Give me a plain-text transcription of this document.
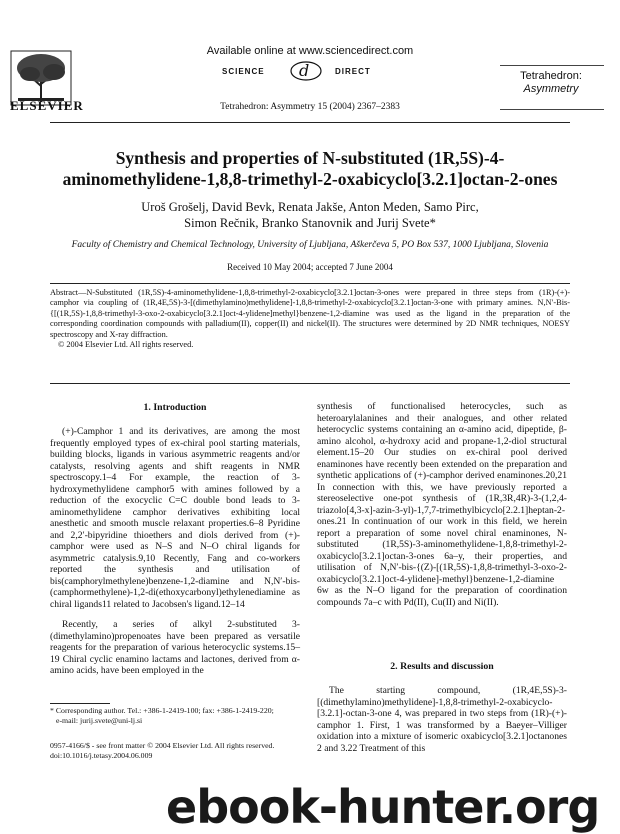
ELSEVIER
Available online at www.sciencedirect.com
SCIENCE d	DIRECT
Tetrahedron: Asymmetry 15 (2004) 2367–2383
Tetrahedron:
Asymmetry
Synthesis and properties of N-substituted (1R,5S)-4-
aminomethylidene-1,8,8-trimethyl-2-oxabicyclo[3.2.1]octan-2-ones
Uroš Grošelj, David Bevk, Renata Jakše, Anton Meden, Samo Pirc,
Simon Rečnik, Branko Stanovnik and Jurij Svete*
Faculty of Chemistry and Chemical Technology, University of Ljubljana, Aškerčeva 5, PO Box 537, 1000 Ljubljana, Slovenia
Received 10 May 2004; accepted 7 June 2004
Abstract—N-Substituted (1R,5S)-4-aminomethylidene-1,8,8-trimethyl-2-oxabicyclo[3.2.1]octan-3-ones were prepared in three steps from (1R)-(+)-camphor via coupling of (1R,4E,5S)-3-[(dimethylamino)methylidene]-1,8,8-trimethyl-2-oxabicyclo[3.2.1]octan-3-one with primary amines. N,N′-Bis-{[(1R,5S)-1,8,8-trimethyl-3-oxo-2-oxabicyclo[3.2.1]oct-4-ylidene]methyl}benzene-1,2-diamine was used as the ligand in the preparation of the corresponding coordination compounds with palladium(II), copper(II) and nickel(II). The structures were determined by 2D NMR techniques, NOESY spectroscopy and X-ray diffraction.
© 2004 Elsevier Ltd. All rights reserved.
1. Introduction

(+)-Camphor 1 and its derivatives, are among the most frequently employed types of ex-chiral pool starting materials, building blocks, ligands in various asymmetric reagents and/or catalysts, resolving agents and shift reagents in NMR spectroscopy.1–4 For example, the reaction of 3-hydroxymethylidene camphor5 with amines followed by a reduction of the exocyclic C=C double bond leads to 3-aminomethylidene camphor derivatives exhibiting local anesthetic and smooth muscle relaxant properties.6–8 Pyridine and 2,2′-bipyridine thioethers and diols derived from (+)-camphor were used as N–S and N–O chiral ligands for asymmetric catalysis.9,10 Recently, Fang and co-workers reported the synthesis and utilisation of bis(camphorylmethylene)benzene-1,2-diamine and N,N′-bis-(camphormethylene)-1,2-di(ethoxycarbonyl)ethylenediamine as chiral ligands11 related to Jacobsen's ligand.12–14

Recently, a series of alkyl 2-substituted 3-(dimethylamino)propenoates have been prepared as versatile reagents for the preparation of various heterocyclic systems.15–19 Chiral cyclic enamino lactams and lactones, derived from α-amino acids, have been employed in the

* Corresponding author. Tel.: +386-1-2419-100; fax: +386-1-2419-220;
e-mail: jurij.svete@uni-lj.si
0957-4166/$ - see front matter © 2004 Elsevier Ltd. All rights reserved.
doi:10.1016/j.tetasy.2004.06.009

synthesis of functionalised heterocycles, such as heteroarylalanines and their analogues, and other related heterocyclic systems containing an α-amino acid, dipeptide, β-amino alcohol, α-hydroxy acid and propane-1,2-diol structural element.15–20 Our studies on ex-chiral pool derived enaminones have recently been extended on the preparation and synthetic applications of (+)-camphor derived enaminones.20,21 In connection with this, we have previously reported a stereoselective one-pot synthesis of (1R,3R,4R)-3-(1,2,4-triazolo[4,3-x]-azin-3-yl)-1,7,7-trimethylbicyclo[2.2.1]heptan-2-ones.21 In continuation of our work in this field, we herein report a preparation of some novel chiral enaminones, N-substituted (1R,5S)-3-aminomethylidene-1,8,8-trimethyl-2-oxabicyclo[3.2.1]octan-3-ones 6a–y, their properties, and utilisation of N,N′-bis-{(Z)-[(1R,5S)-1,8,8-trimethyl-3-oxo-2-oxabicyclo[3.2.1]oct-4-ylidene]-methyl}benzene-1,2-diamine 6w as the N–O ligand for the preparation of coordination compounds 7a–c with Pd(II), Cu(II) and Ni(II).

2. Results and discussion

The starting compound, (1R,4E,5S)-3-[(dimethylamino)methylidene]-1,8,8-trimethyl-2-oxabicyclo-[3.2.1]-octan-3-one 4, was prepared in two steps from (1R)-(+)-camphor 1. First, 1 was transformed by a Baeyer–Villiger oxidation into a mixture of isomeric oxabicyclo[3.2.1]octanones 2 and 3.22 Treatment of this

ebook-hunter.org
